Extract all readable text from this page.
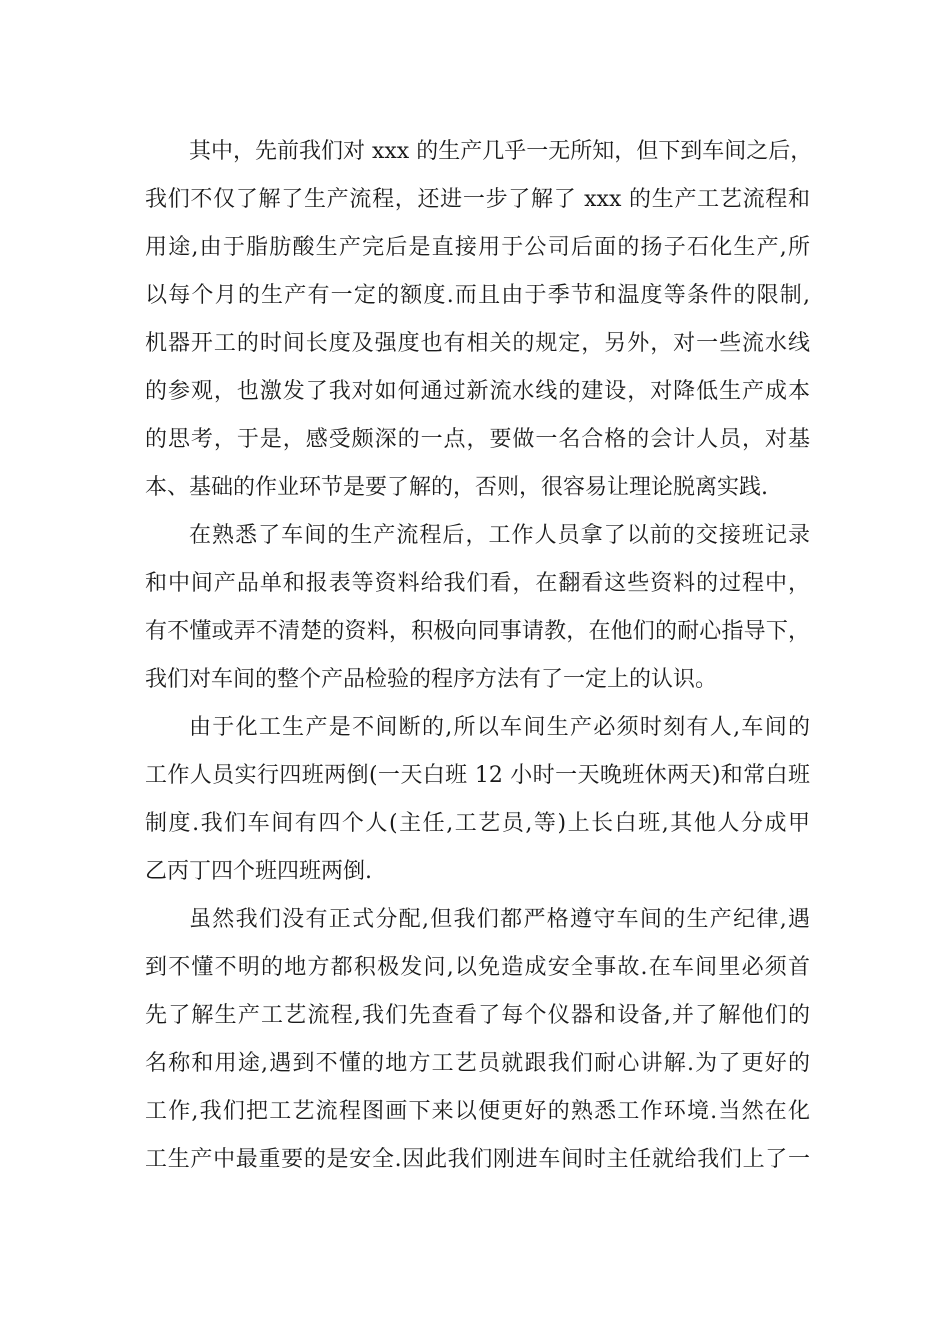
其中，先前我们对 xxx 的生产几乎一无所知，但下到车间之后，
我们不仅了解了生产流程，还进一步了解了 xxx 的生产工艺流程和
用途,由于脂肪酸生产完后是直接用于公司后面的扬子石化生产,所
以每个月的生产有一定的额度.而且由于季节和温度等条件的限制,
机器开工的时间长度及强度也有相关的规定，另外，对一些流水线
的参观，也激发了我对如何通过新流水线的建设，对降低生产成本
的思考，于是，感受颇深的一点，要做一名合格的会计人员，对基
本、基础的作业环节是要了解的，否则，很容易让理论脱离实践.
在熟悉了车间的生产流程后，工作人员拿了以前的交接班记录
和中间产品单和报表等资料给我们看，在翻看这些资料的过程中，
有不懂或弄不清楚的资料，积极向同事请教，在他们的耐心指导下，
我们对车间的整个产品检验的程序方法有了一定上的认识。
由于化工生产是不间断的,所以车间生产必须时刻有人,车间的
工作人员实行四班两倒(一天白班 12 小时一天晚班休两天)和常白班
制度.我们车间有四个人(主任,工艺员,等)上长白班,其他人分成甲
乙丙丁四个班四班两倒.
虽然我们没有正式分配,但我们都严格遵守车间的生产纪律,遇
到不懂不明的地方都积极发问,以免造成安全事故.在车间里必须首
先了解生产工艺流程,我们先查看了每个仪器和设备,并了解他们的
名称和用途,遇到不懂的地方工艺员就跟我们耐心讲解.为了更好的
工作,我们把工艺流程图画下来以便更好的熟悉工作环境.当然在化
工生产中最重要的是安全.因此我们刚进车间时主任就给我们上了一
